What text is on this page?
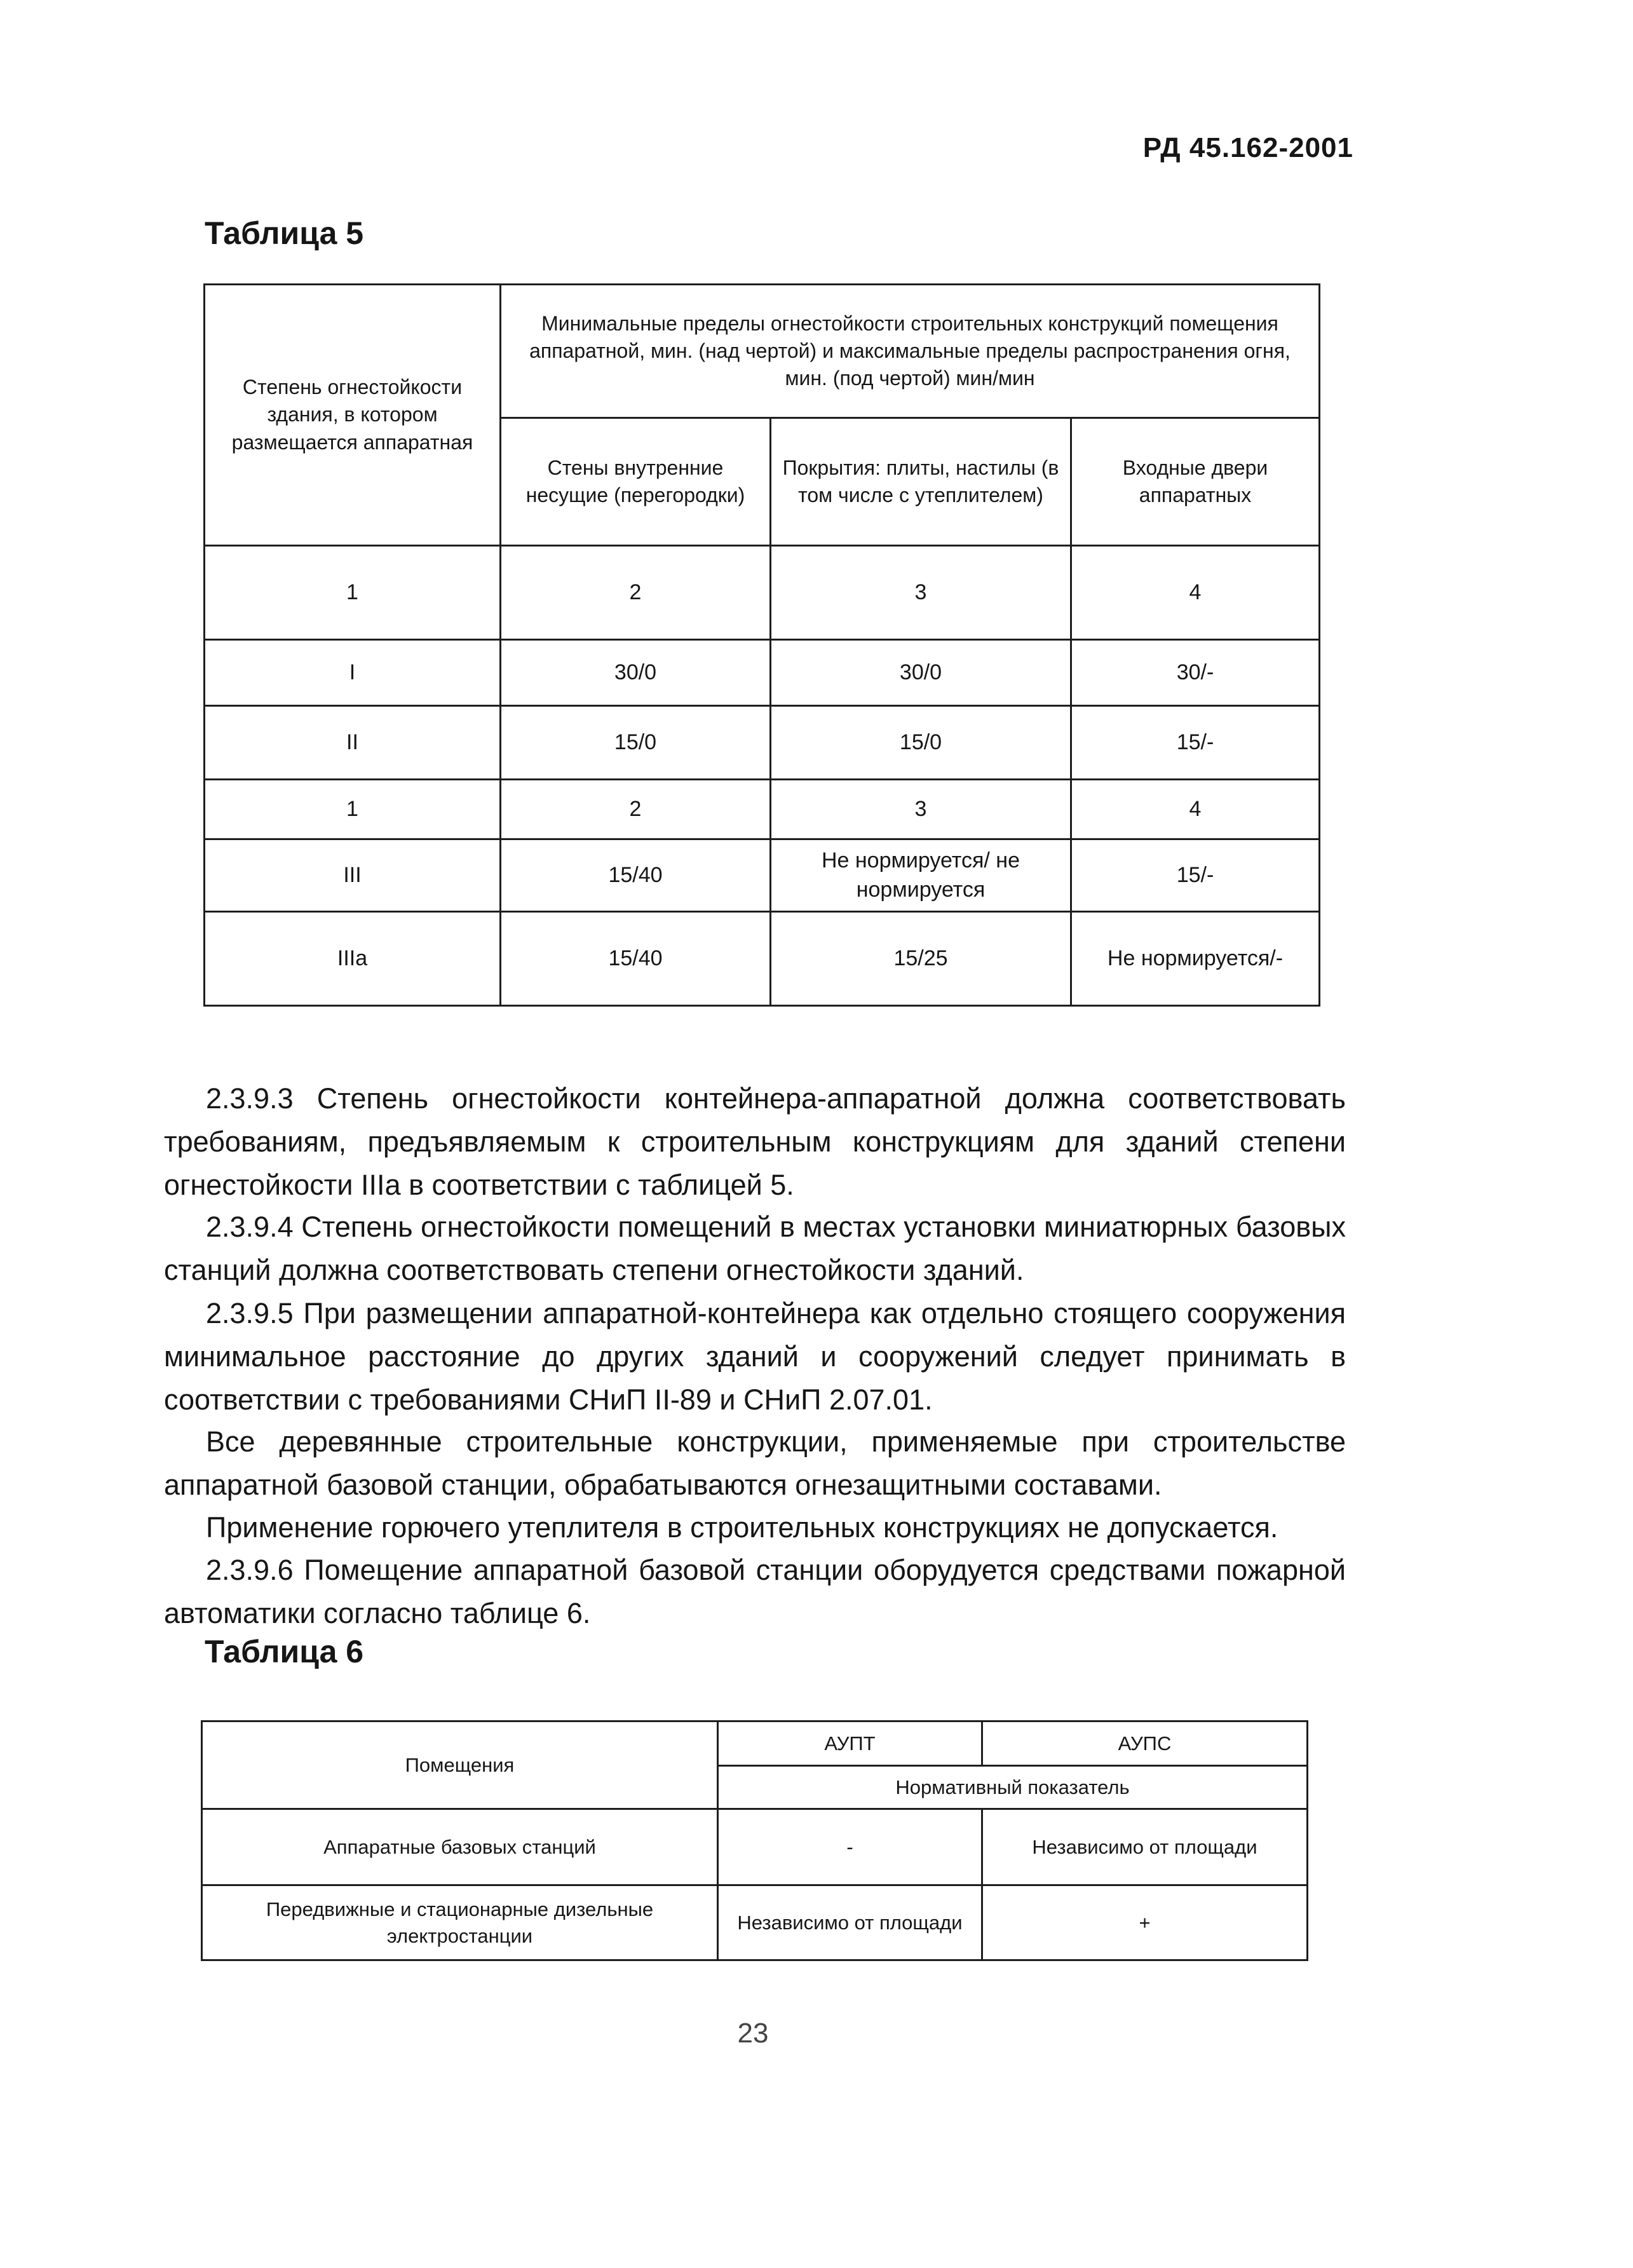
РД 45.162-2001
Таблица 5
Степень огнестойкости здания, в котором размещается аппаратная	Минимальные пределы огнестойкости строительных конструкций помещения аппаратной, мин. (над чертой) и максимальные пределы распространения огня, мин. (под чертой) мин/мин		
	Стены внутренние несущие (перегородки)	Покрытия: плиты, настилы (в том числе с утеплителем)	Входные двери аппаратных
1	2	3	4
I	30/0	30/0	30/-
II	15/0	15/0	15/-
1	2	3	4
III	15/40	Не нормируется/ не нормируется	15/-
IIIa	15/40	15/25	Не нормируется/-

2.3.9.3 Степень огнестойкости контейнера-аппаратной должна соответствовать требованиям, предъявляемым к строительным конструкциям для зданий степени огнестойкости IIIa в соответствии с таблицей 5.

2.3.9.4 Степень огнестойкости помещений в местах установки миниатюрных базовых станций должна соответствовать степени огнестойкости зданий.

2.3.9.5 При размещении аппаратной-контейнера как отдельно стоящего сооружения минимальное расстояние до других зданий и сооружений следует принимать в соответствии с требованиями СНиП II-89 и СНиП 2.07.01.

Все деревянные строительные конструкции, применяемые при строительстве аппаратной базовой станции, обрабатываются огнезащитными составами.

Применение горючего утеплителя в строительных конструкциях не допускается.

2.3.9.6 Помещение аппаратной базовой станции оборудуется средствами пожарной автоматики согласно таблице 6.

Таблица 6
Помещения	АУПТ	АУПС
	Нормативный показатель	
Аппаратные базовых станций	-	Независимо от площади
Передвижные и стационарные дизельные электростанции	Независимо от площади	+
23
